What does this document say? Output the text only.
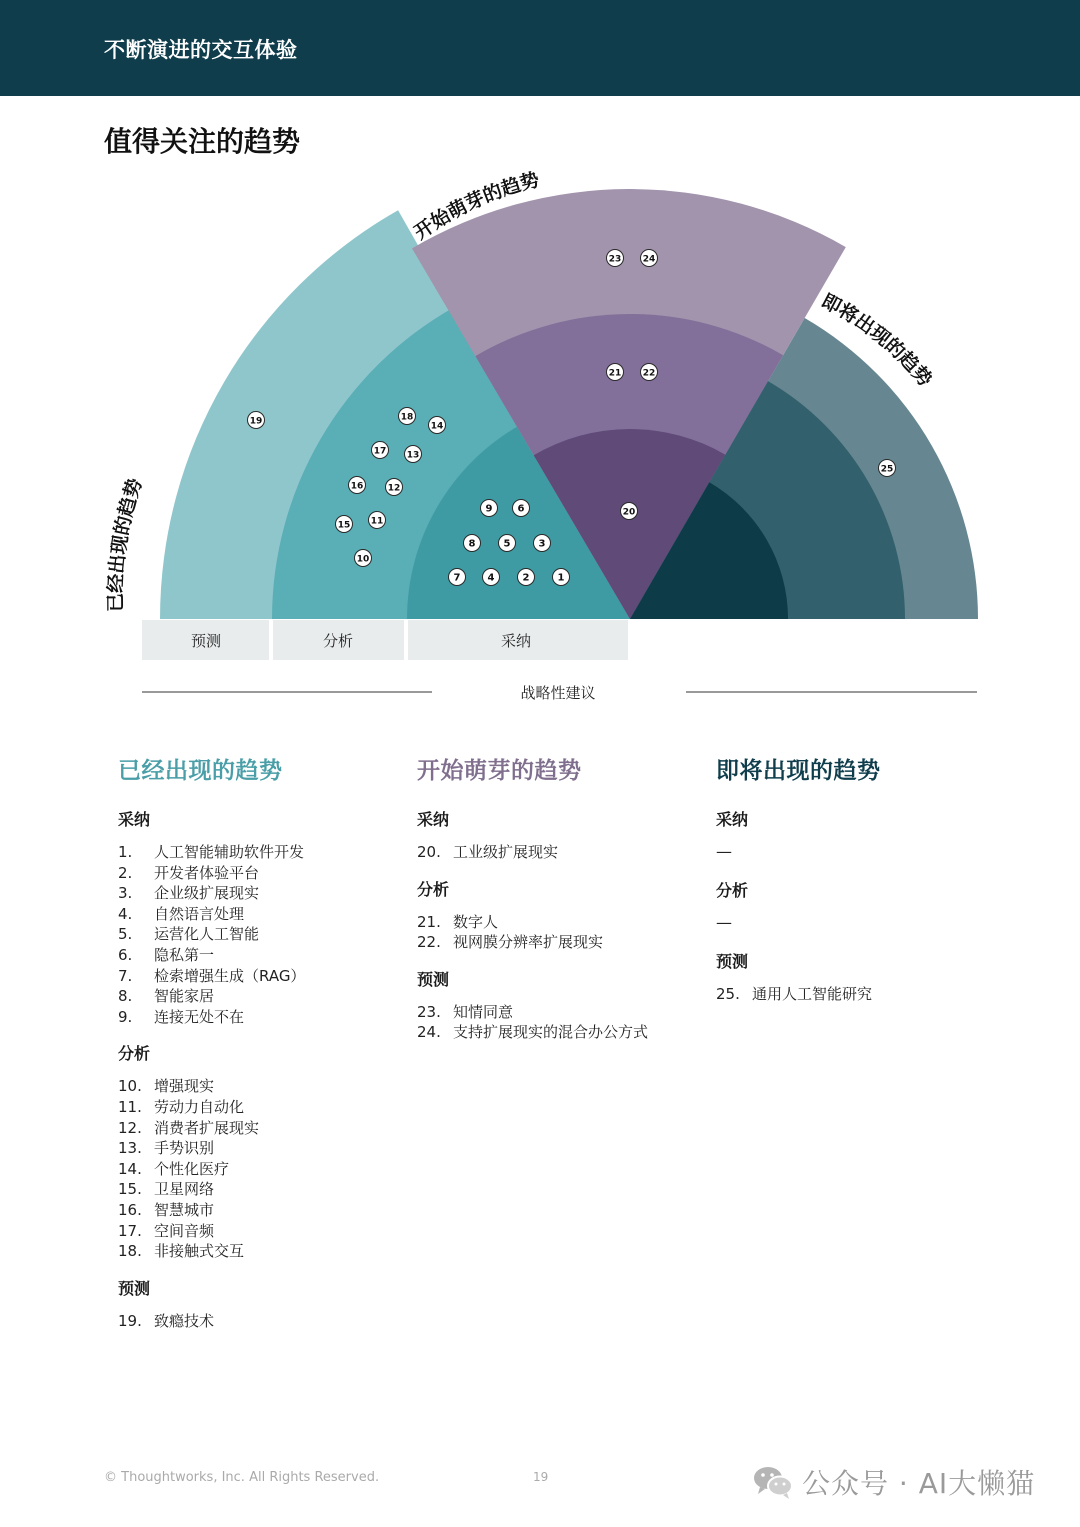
不断演进的交互体验
值得关注的趋势
预测	分析	采纳
战略性建议
开始萌芽的趋势
即将出现的趋势
已经出现的趋势
1
2
3
4
5
6
7
8
9
10
11
12
13
14
15
16
17
18
19
20
21 22
23 24
25
已经出现的趋势
采纳
1. 人工智能辅助软件开发
2. 开发者体验平台
3. 企业级扩展现实
4. 自然语言处理
5. 运营化人工智能
6. 隐私第一
7. 检索增强生成（RAG）
8. 智能家居
9. 连接无处不在
分析
10. 增强现实
11. 劳动力自动化
12. 消费者扩展现实
13. 手势识别
14. 个性化医疗
15. 卫星网络
16. 智慧城市
17. 空间音频
18. 非接触式交互
预测
19. 致瘾技术
开始萌芽的趋势
采纳
20. 工业级扩展现实
分析
21. 数字人
22. 视网膜分辨率扩展现实
预测
23. 知情同意
24. 支持扩展现实的混合办公方式
即将出现的趋势
采纳
—
分析
—
预测
25. 通用人工智能研究
© Thoughtworks, Inc. All Rights Reserved.	19	公众号 · AI大懒猫
